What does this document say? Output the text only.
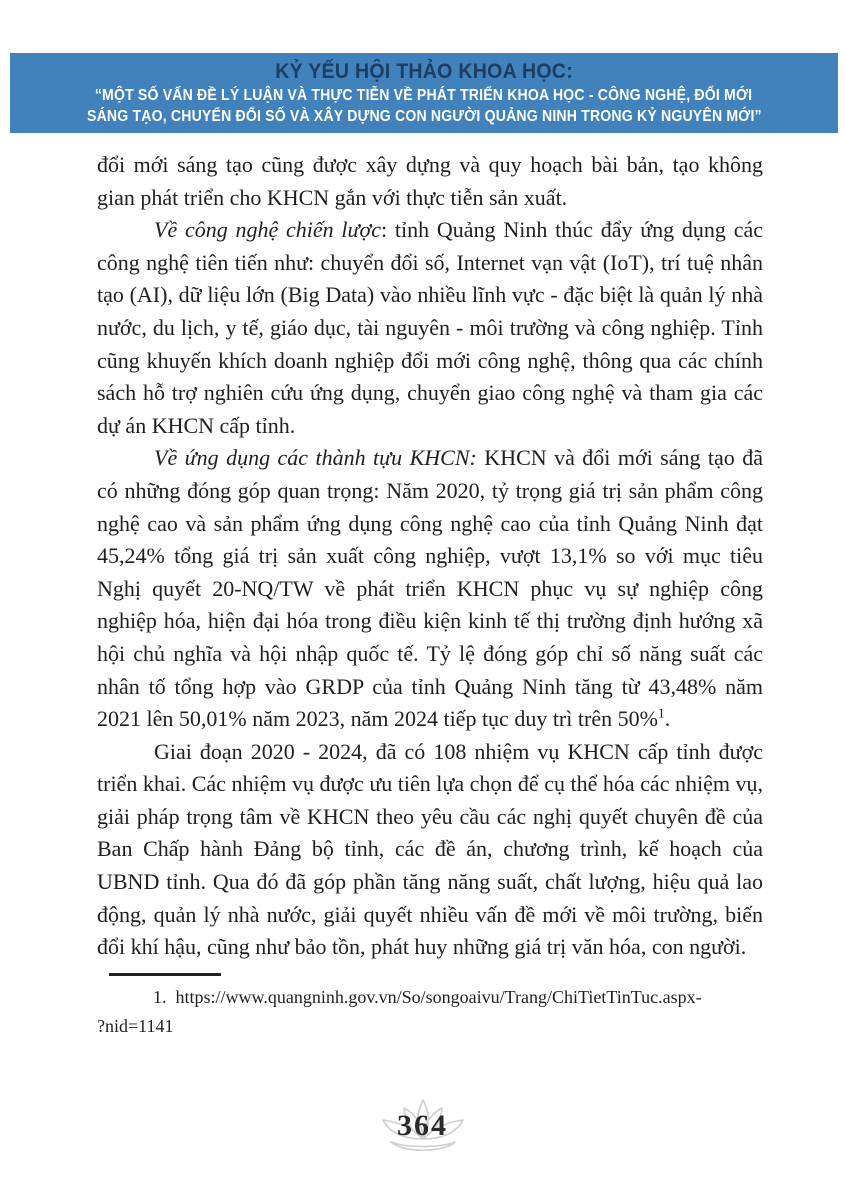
KỶ YẾU HỘI THẢO KHOA HỌC:
“MỘT SỐ VẤN ĐỀ LÝ LUẬN VÀ THỰC TIỄN VỀ PHÁT TRIỂN KHOA HỌC - CÔNG NGHỆ, ĐỔI MỚI
SÁNG TẠO, CHUYỂN ĐỔI SỐ VÀ XÂY DỰNG CON NGƯỜI QUẢNG NINH TRONG KỶ NGUYÊN MỚI”

đổi mới sáng tạo cũng được xây dựng và quy hoạch bài bản, tạo không gian phát triển cho KHCN gắn với thực tiễn sản xuất.

Về công nghệ chiến lược: tỉnh Quảng Ninh thúc đẩy ứng dụng các công nghệ tiên tiến như: chuyển đổi số, Internet vạn vật (IoT), trí tuệ nhân tạo (AI), dữ liệu lớn (Big Data) vào nhiều lĩnh vực - đặc biệt là quản lý nhà nước, du lịch, y tế, giáo dục, tài nguyên - môi trường và công nghiệp. Tỉnh cũng khuyến khích doanh nghiệp đổi mới công nghệ, thông qua các chính sách hỗ trợ nghiên cứu ứng dụng, chuyển giao công nghệ và tham gia các dự án KHCN cấp tỉnh.

Về ứng dụng các thành tựu KHCN: KHCN và đổi mới sáng tạo đã có những đóng góp quan trọng: Năm 2020, tỷ trọng giá trị sản phẩm công nghệ cao và sản phẩm ứng dụng công nghệ cao của tỉnh Quảng Ninh đạt 45,24% tổng giá trị sản xuất công nghiệp, vượt 13,1% so với mục tiêu Nghị quyết 20-NQ/TW về phát triển KHCN phục vụ sự nghiệp công nghiệp hóa, hiện đại hóa trong điều kiện kinh tế thị trường định hướng xã hội chủ nghĩa và hội nhập quốc tế. Tỷ lệ đóng góp chỉ số năng suất các nhân tố tổng hợp vào GRDP của tỉnh Quảng Ninh tăng từ 43,48% năm 2021 lên 50,01% năm 2023, năm 2024 tiếp tục duy trì trên 50%$^1$.

Giai đoạn 2020 - 2024, đã có 108 nhiệm vụ KHCN cấp tỉnh được triển khai. Các nhiệm vụ được ưu tiên lựa chọn để cụ thể hóa các nhiệm vụ, giải pháp trọng tâm về KHCN theo yêu cầu các nghị quyết chuyên đề của Ban Chấp hành Đảng bộ tỉnh, các đề án, chương trình, kế hoạch của UBND tỉnh. Qua đó đã góp phần tăng năng suất, chất lượng, hiệu quả lao động, quản lý nhà nước, giải quyết nhiều vấn đề mới về môi trường, biến đổi khí hậu, cũng như bảo tồn, phát huy những giá trị văn hóa, con người.

1. https://www.quangninh.gov.vn/So/songoaivu/Trang/ChiTietTinTuc.aspx-
?nid=1141
364
